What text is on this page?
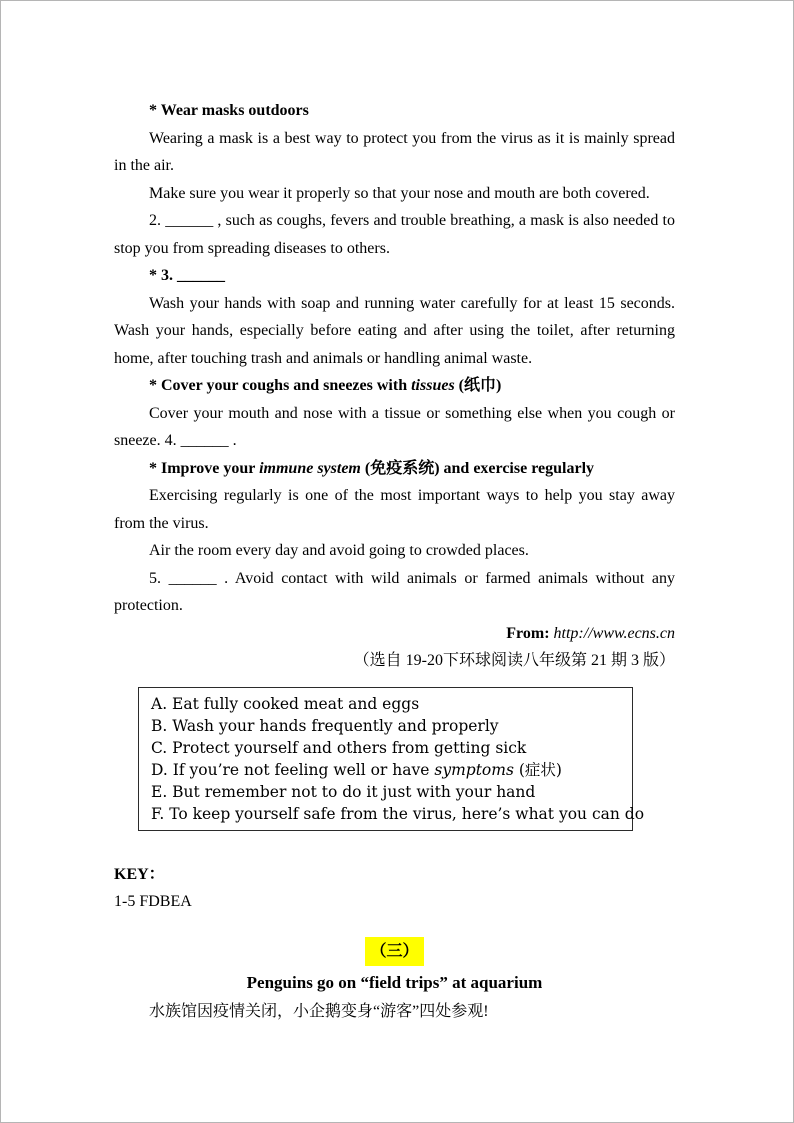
* Wear masks outdoors

Wearing a mask is a best way to protect you from the virus as it is mainly spread in the air.

Make sure you wear it properly so that your nose and mouth are both covered.

2. ______ , such as coughs, fevers and trouble breathing, a mask is also needed to stop you from spreading diseases to others.

* 3. ______

Wash your hands with soap and running water carefully for at least 15 seconds. Wash your hands, especially before eating and after using the toilet, after returning home, after touching trash and animals or handling animal waste.

* Cover your coughs and sneezes with tissues (纸巾)

Cover your mouth and nose with a tissue or something else when you cough or sneeze. 4. ______ .

* Improve your immune system (免疫系统) and exercise regularly

Exercising regularly is one of the most important ways to help you stay away from the virus.

Air the room every day and avoid going to crowded places.

5. ______ . Avoid contact with wild animals or farmed animals without any protection.

From: http://www.ecns.cn

（选自 19-20下环球阅读八年级第 21 期 3 版）

A. Eat fully cooked meat and eggs

B. Wash your hands frequently and properly

C. Protect yourself and others from getting sick

D. If you’re not feeling well or have symptoms (症状)

E. But remember not to do it just with your hand

F. To keep yourself safe from the virus, here’s what you can do

KEY：

1-5 FDBEA

（三）

Penguins go on “field trips” at aquarium

水族馆因疫情关闭，小企鹅变身“游客”四处参观!
